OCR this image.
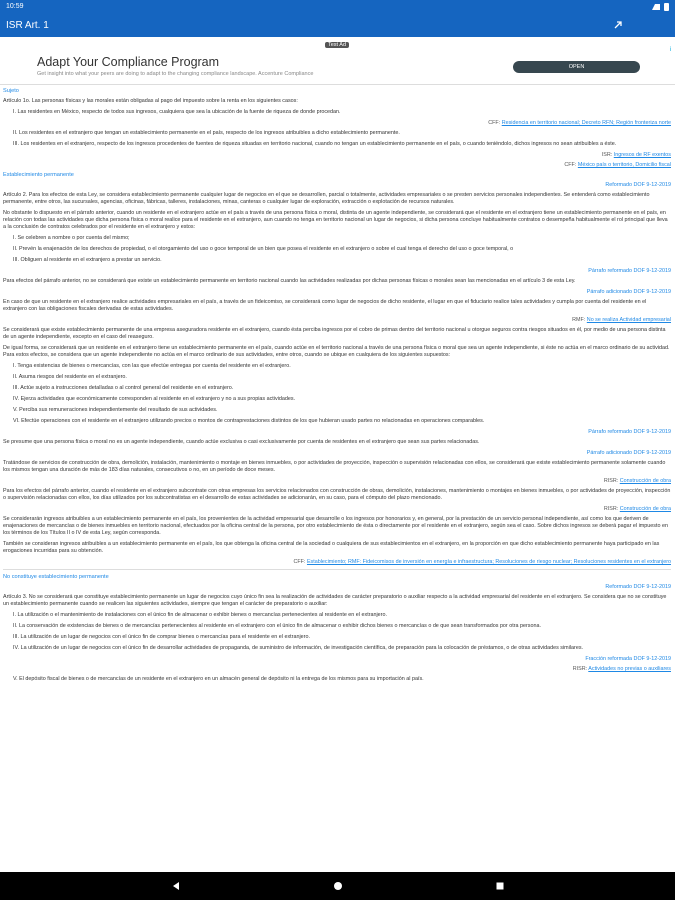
10:59
ISR Art. 1
Test Ad
i
Adapt Your Compliance Program
Get insight into what your peers are doing to adapt to the changing compliance landscape. Accenture Compliance
OPEN
Sujeto

Artículo 1o. Las personas físicas y las morales están obligadas al pago del impuesto sobre la renta en los siguientes casos:

I. Las residentes en México, respecto de todos sus ingresos, cualquiera que sea la ubicación de la fuente de riqueza de donde procedan.

CFF: Residencia en territorio nacional; Decreto RFN; Región fronteriza norte

II. Los residentes en el extranjero que tengan un establecimiento permanente en el país, respecto de los ingresos atribuibles a dicho establecimiento permanente.

III. Los residentes en el extranjero, respecto de los ingresos procedentes de fuentes de riqueza situadas en territorio nacional, cuando no tengan un establecimiento permanente en el país, o cuando teniéndolo, dichos ingresos no sean atribuibles a éste.

ISR: Ingresos de RF exentos
CFF: México país o territorio, Domicilio fiscal
Establecimiento permanente
Reformado DOF 9-12-2019

Artículo 2. Para los efectos de esta Ley, se considera establecimiento permanente cualquier lugar de negocios en el que se desarrollen, parcial o totalmente, actividades empresariales o se presten servicios personales independientes. Se entenderá como establecimiento permanente, entre otros, las sucursales, agencias, oficinas, fábricas, talleres, instalaciones, minas, canteras o cualquier lugar de exploración, extracción o explotación de recursos naturales.

No obstante lo dispuesto en el párrafo anterior, cuando un residente en el extranjero actúe en el país a través de una persona física o moral, distinta de un agente independiente, se considerará que el residente en el extranjero tiene un establecimiento permanente en el país, en relación con todas las actividades que dicha persona física o moral realice para el residente en el extranjero, aun cuando no tenga en territorio nacional un lugar de negocios, si dicha persona concluye habitualmente contratos o desempeña habitualmente el rol principal que lleva a la conclusión de contratos celebrados por el residente en el extranjero y estos:

I. Se celebren a nombre o por cuenta del mismo;

II. Prevén la enajenación de los derechos de propiedad, o el otorgamiento del uso o goce temporal de un bien que posea el residente en el extranjero o sobre el cual tenga el derecho del uso o goce temporal, o

III. Obliguen al residente en el extranjero a prestar un servicio.

Párrafo reformado DOF 9-12-2019

Para efectos del párrafo anterior, no se considerará que existe un establecimiento permanente en territorio nacional cuando las actividades realizadas por dichas personas físicas o morales sean las mencionadas en el artículo 3 de esta Ley.

Párrafo adicionado DOF 9-12-2019

En caso de que un residente en el extranjero realice actividades empresariales en el país, a través de un fideicomiso, se considerará como lugar de negocios de dicho residente, el lugar en que el fiduciario realice tales actividades y cumpla por cuenta del residente en el extranjero con las obligaciones fiscales derivadas de estas actividades.

RMF: No se realiza Actividad empresarial

Se considerará que existe establecimiento permanente de una empresa aseguradora residente en el extranjero, cuando ésta perciba ingresos por el cobro de primas dentro del territorio nacional u otorgue seguros contra riesgos situados en él, por medio de una persona distinta de un agente independiente, excepto en el caso del reaseguro.

De igual forma, se considerará que un residente en el extranjero tiene un establecimiento permanente en el país, cuando actúe en el territorio nacional a través de una persona física o moral que sea un agente independiente, si éste no actúa en el marco ordinario de su actividad. Para estos efectos, se considera que un agente independiente no actúa en el marco ordinario de sus actividades, entre otros, cuando se ubique en cualquiera de los siguientes supuestos:

I. Tenga existencias de bienes o mercancías, con las que efectúe entregas por cuenta del residente en el extranjero.

II. Asuma riesgos del residente en el extranjero.

III. Actúe sujeto a instrucciones detalladas o al control general del residente en el extranjero.

IV. Ejerza actividades que económicamente corresponden al residente en el extranjero y no a sus propias actividades.

V. Perciba sus remuneraciones independientemente del resultado de sus actividades.

VI. Efectúe operaciones con el residente en el extranjero utilizando precios o montos de contraprestaciones distintos de los que hubieran usado partes no relacionadas en operaciones comparables.

Párrafo reformado DOF 9-12-2019

Se presume que una persona física o moral no es un agente independiente, cuando actúe exclusiva o casi exclusivamente por cuenta de residentes en el extranjero que sean sus partes relacionadas.

Párrafo adicionado DOF 9-12-2019

Tratándose de servicios de construcción de obra, demolición, instalación, mantenimiento o montaje en bienes inmuebles, o por actividades de proyección, inspección o supervisión relacionadas con ellos, se considerará que existe establecimiento permanente solamente cuando los mismos tengan una duración de más de 183 días naturales, consecutivos o no, en un período de doce meses.

RISR: Construcción de obra

Para los efectos del párrafo anterior, cuando el residente en el extranjero subcontrate con otras empresas los servicios relacionados con construcción de obras, demolición, instalaciones, mantenimiento o montajes en bienes inmuebles, o por actividades de proyección, inspección o supervisión relacionadas con ellos, los días utilizados por los subcontratistas en el desarrollo de estas actividades se adicionarán, en su caso, para el cómputo del plazo mencionado.

RISR: Construcción de obra

Se considerarán ingresos atribuibles a un establecimiento permanente en el país, los provenientes de la actividad empresarial que desarrolle o los ingresos por honorarios y, en general, por la prestación de un servicio personal independiente, así como los que deriven de enajenaciones de mercancías o de bienes inmuebles en territorio nacional, efectuados por la oficina central de la persona, por otro establecimiento de ésta o directamente por el residente en el extranjero, según sea el caso. Sobre dichos ingresos se deberá pagar el impuesto en los términos de los Títulos II o IV de esta Ley, según corresponda.

También se consideran ingresos atribuibles a un establecimiento permanente en el país, los que obtenga la oficina central de la sociedad o cualquiera de sus establecimientos en el extranjero, en la proporción en que dicho establecimiento permanente haya participado en las erogaciones incurridas para su obtención.

CFF: Establecimiento; RMF: Fideicomisos de inversión en energía e infraestructura; Resoluciones de riesgo nuclear; Resoluciones residentes en el extranjero
No constituye establecimiento permanente
Reformado DOF 9-12-2019

Artículo 3. No se considerará que constituye establecimiento permanente un lugar de negocios cuyo único fin sea la realización de actividades de carácter preparatorio o auxiliar respecto a la actividad empresarial del residente en el extranjero. Se considera que no se constituye un establecimiento permanente cuando se realicen las siguientes actividades, siempre que tengan el carácter de preparatorio o auxiliar:

I. La utilización o el mantenimiento de instalaciones con el único fin de almacenar o exhibir bienes o mercancías pertenecientes al residente en el extranjero.

II. La conservación de existencias de bienes o de mercancías pertenecientes al residente en el extranjero con el único fin de almacenar o exhibir dichos bienes o mercancías o de que sean transformados por otra persona.

III. La utilización de un lugar de negocios con el único fin de comprar bienes o mercancías para el residente en el extranjero.

IV. La utilización de un lugar de negocios con el único fin de desarrollar actividades de propaganda, de suministro de información, de investigación científica, de preparación para la colocación de préstamos, o de otras actividades similares.

Fracción reformada DOF 9-12-2019
RISR: Actividades no previas o auxiliares

V. El depósito fiscal de bienes o de mercancías de un residente en el extranjero en un almacén general de depósito ni la entrega de los mismos para su importación al país.
